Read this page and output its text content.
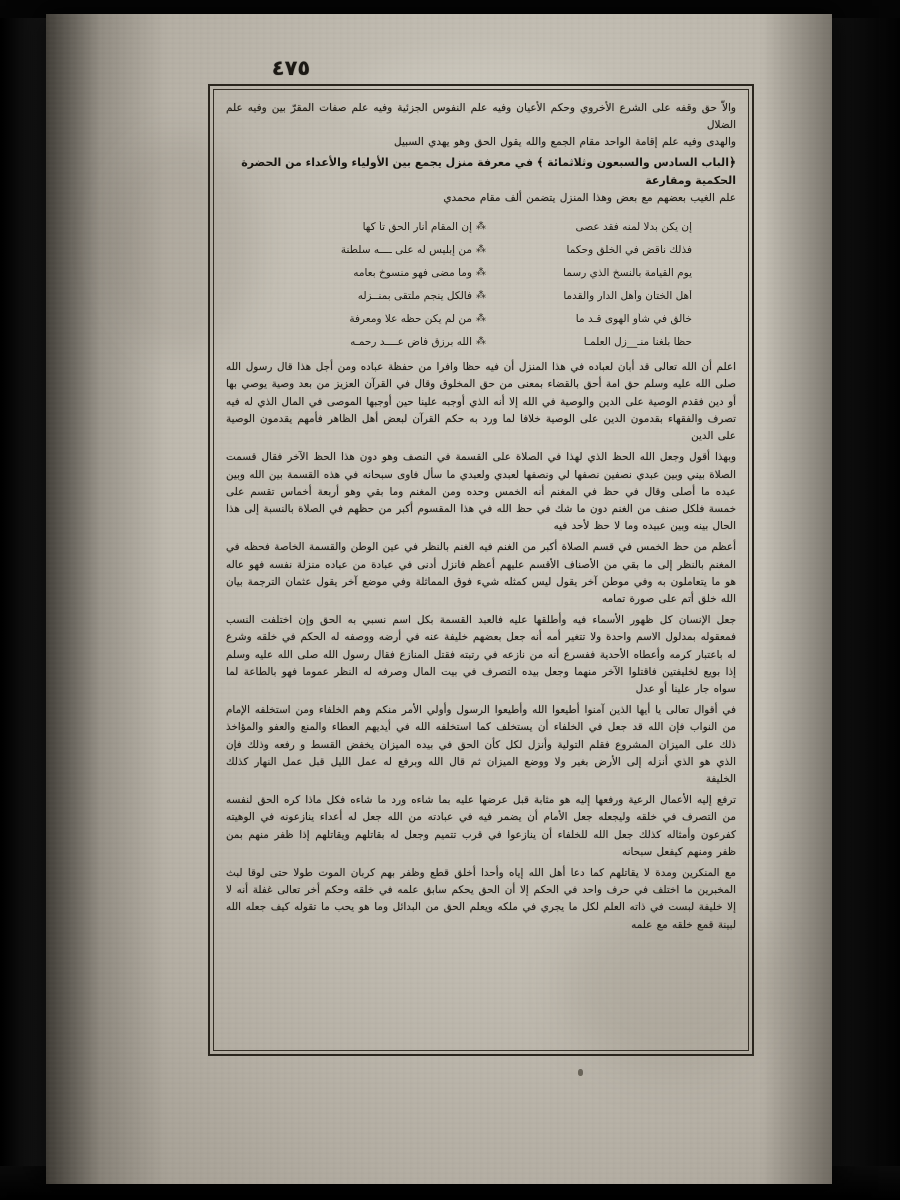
٤٧٥
والاّ حق وقفه على الشرع الأخروي وحكم الأعيان وفيه علم النفوس الجزئية وفيه علم صفات المقرّ بين وفيه علم الضلال
والهدى وفيه علم إقامة الواحد مقام الجمع والله يقول الحق وهو يهدي السبيل
﴿الباب السادس والسبعون وثلاثمائة ﴾ في معرفة منزل يجمع بين الأولياء والأعداء من الحضرة الحكمية ومقارعة
علم الغيب بعضهم مع بعض وهذا المنزل يتضمن ألف مقام محمدي
إن يكن بدلا لمنه فقد عصى
⁂
إن المقام أنار الحق تأ كها
فذلك ناقض في الخلق وحكما
⁂
من إبليس له على ــــه سلطنة
يوم القيامة بالنسخ الذي رسما
⁂
وما مضى فهو منسوخ بعامه
أهل الختان وأهل الدار والقدما
⁂
فالكل ينجم ملتقى بمنــزله
خالق في شأو الهوى قـد ما
⁂
من لم يكن حظه علا ومعرفة
حظا بلغنا منـ__زل العلمـا
⁂
الله برزق فاض عــــد رحمـه
اعلم أن الله تعالى قد أبان لعباده في هذا المنزل أن فيه حظا وافرا من حفظة عباده ومن أجل هذا قال رسول الله صلى الله عليه وسلم حق امة أحق بالقضاء بمعنى من حق المخلوق وقال في القرآن العزيز من بعد وصية يوصي بها أو دين فقدم الوصية على الدين والوصية في الله إلا أنه الذي أوجبه علينا حين أوجبها الموصى في المال الذي له فيه تصرف والفقهاء بقدمون الدين على الوصية خلافا لما ورد به حكم القرآن لبعض أهل الظاهر فأمهم يقدمون الوصية على الدين
وبهذا أقول وجعل الله الحظ الذي لهذا في الصلاة على القسمة في النصف وهو دون هذا الحظ الآخر فقال قسمت الصلاة بيني وبين عبدي نصفين نصفها لي ونصفها لعبدي ولعبدي ما سأل فاوى سبحانه في هذه القسمة بين الله وبين عبده ما أصلى وقال في حظ في المغنم أنه الخمس وحده ومن المغنم وما بقي وهو أربعة أخماس تقسم على خمسة فلكل صنف من الغنم دون ما شك في حظ الله في هذا المقسوم أكبر من حظهم في الصلاة بالنسبة إلى هذا الحال بينه وبين عبيده وما لا حظ لأحد فيه
أعظم من حظ الخمس في قسم الصلاة أكبر من الغنم فيه الغنم بالنظر في عين الوطن والقسمة الخاصة فحظه في المغنم بالنظر إلى ما بقي من الأصناف الأقسم عليهم أعظم فانزل أدنى في عبادة من عباده منزلة نفسه فهو عاله هو ما يتعاملون به وفي موطن آخر يقول ليس كمثله شيء فوق المماثلة وفي موضع آخر يقول عثمان الترجمة بيان الله خلق أتم على صورة تمامه
جعل الإنسان كل ظهور الأسماء فيه وأطلقها عليه فالعبد القسمة بكل اسم نسبي به الحق وإن اختلفت النسب فمعقوله بمدلول الاسم واحدة ولا تتغير أمه أنه جعل بعضهم خليفة عنه في أرضه ووصفه له الحكم في خلقه وشرع له باعتبار كرمه وأعطاه الأحدية ففسرع أنه من نازعه في رتبته فقتل المنازع فقال رسول الله صلى الله عليه وسلم إذا بويع لخليفتين فاقتلوا الآخر منهما وجعل بيده التصرف في بيت المال وصرفه له النظر عموما فهو بالطاعة لما سواه جار علينا أو عدل
في أقوال تعالى يا أيها الذين آمنوا أطيعوا الله وأطيعوا الرسول وأولي الأمر منكم وهم الخلفاء ومن استخلفه الإمام من النواب فإن الله قد جعل في الخلفاء أن يستخلف كما استخلفه الله في أيديهم العطاء والمنع والعفو والمؤاخذ ذلك على الميزان المشروع فقلم التولية وأنزل لكل كأن الحق في بيده الميزان يخفض القسط و رفعه وذلك فإن الذي هو الذي أنزله إلى الأرض بغير ولا ووضع الميزان ثم قال الله وبرفع له عمل الليل قبل عمل النهار كذلك الخليفة
ترفع إليه الأعمال الرعية ورفعها إليه هو مثابة قبل عرضها عليه بما شاءه ورد ما شاءه فكل ماذا كره الحق لنفسه من التصرف في خلقه وليجعله جعل الأمام أن يضمر فيه في عبادته من الله جعل له أعداء ينازعونه في الوهيته كفرعون وأمثاله كذلك جعل الله للخلفاء أن ينازعوا في قرب تتميم وجعل له بقاتلهم ويقاتلهم إذا ظفر منهم بمن ظفر ومنهم كيفعل سبحانه
مع المنكرين ومدة لا يقاتلهم كما دعا أهل الله إياه وأحدا أخلق قطع وظفر بهم كربان الموت طولا حتى لوقا لبث المخبرين ما اختلف في حرف واحد في الحكم إلا أن الحق يحكم سابق علمه في خلقه وحكم أخر تعالى غفلة أنه لا إلا خليفة لبست في ذاته العلم لكل ما يجري في ملكه ويعلم الحق من البدائل وما هو يحب ما تقوله كيف جعله الله لبينة قمع خلقه مع علمه
